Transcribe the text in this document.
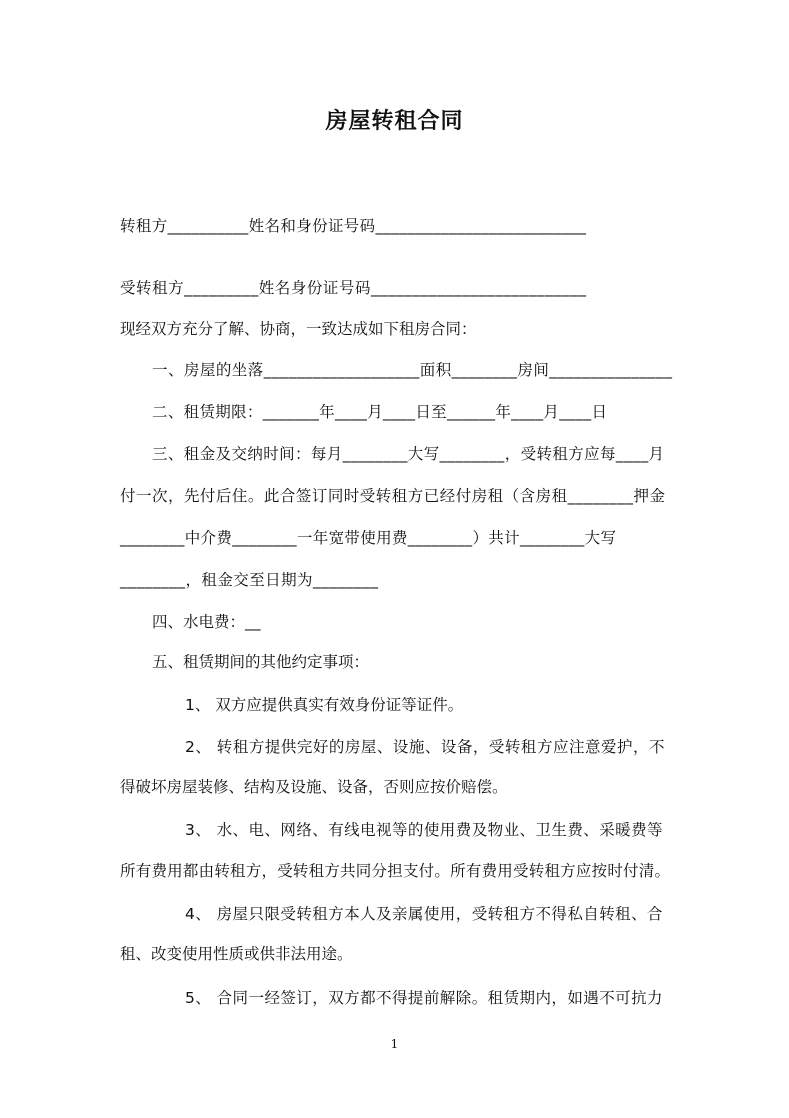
房屋转租合同
转租方__________姓名和身份证号码__________________________
受转租方_________姓名身份证号码__________________________
现经双方充分了解、协商，一致达成如下租房合同：
一、房屋的坐落___________________面积________房间_______________
二、租赁期限：_______年____月____日至______年____月____日
三、租金及交纳时间：每月________大写________，受转租方应每____月
付一次，先付后住。此合签订同时受转租方已经付房租（含房租________押金
________中介费________一年宽带使用费________）共计________大写
________，租金交至日期为________
四、水电费：__
五、租赁期间的其他约定事项：
1、 双方应提供真实有效身份证等证件。
2、 转租方提供完好的房屋、设施、设备，受转租方应注意爱护，不
得破坏房屋装修、结构及设施、设备，否则应按价赔偿。
3、 水、电、网络、有线电视等的使用费及物业、卫生费、采暖费等
所有费用都由转租方，受转租方共同分担支付。所有费用受转租方应按时付清。
4、 房屋只限受转租方本人及亲属使用，受转租方不得私自转租、合
租、改变使用性质或供非法用途。
5、 合同一经签订，双方都不得提前解除。租赁期内，如遇不可抗力
1
